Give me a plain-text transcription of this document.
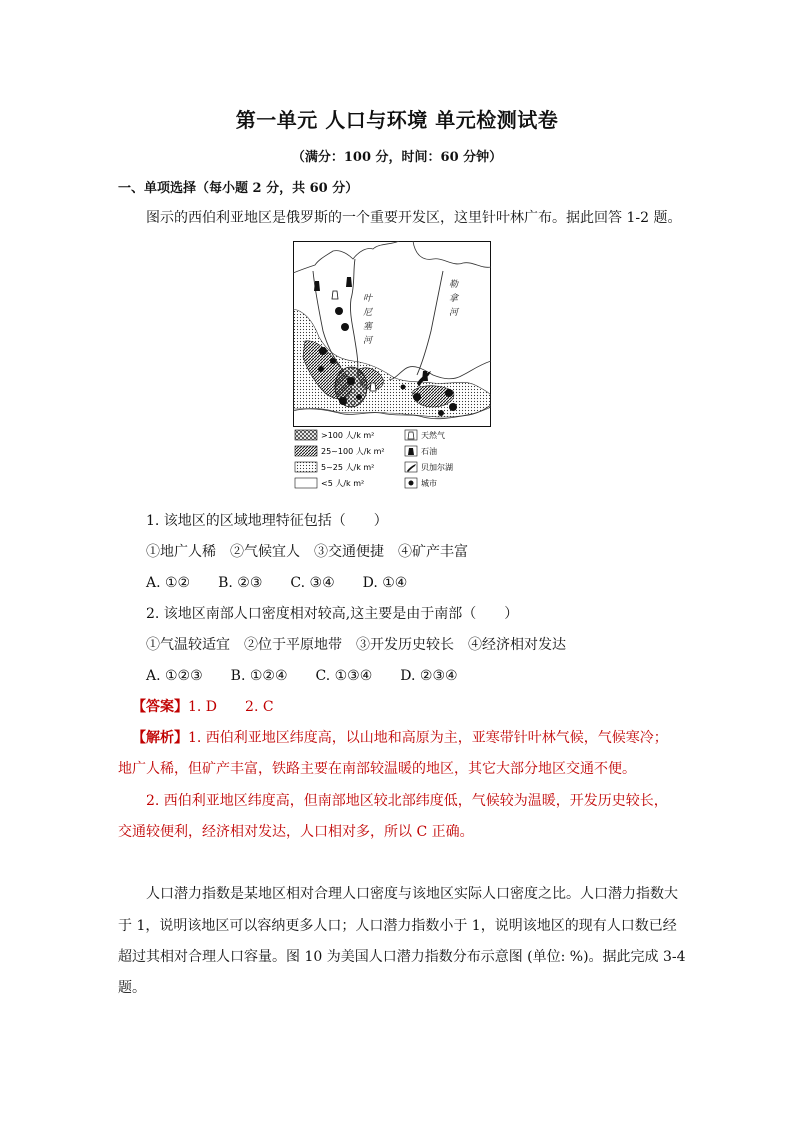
第一单元 人口与环境 单元检测试卷
（满分：100 分，时间：60 分钟）
一、单项选择（每小题 2 分，共 60 分）
图示的西伯利亚地区是俄罗斯的一个重要开发区，这里针叶林广布。据此回答 1-2 题。
叶
尼
塞
河
勒
拿
河
>100 人/k m²
25~100 人/k m²
5~25 人/k m²
<5 人/k m²
天然气
石油
贝加尔湖
城市
1. 该地区的区域地理特征包括（　　）
①地广人稀　②气候宜人　③交通便捷　④矿产丰富
A. ①②　　B. ②③　　C. ③④　　D. ①④
2. 该地区南部人口密度相对较高,这主要是由于南部（　　）
①气温较适宜　②位于平原地带　③开发历史较长　④经济相对发达
A. ①②③　　B. ①②④　　C. ①③④　　D. ②③④
【答案】1. D　　2. C
【解析】1. 西伯利亚地区纬度高，以山地和高原为主，亚寒带针叶林气候，气候寒冷；
地广人稀，但矿产丰富，铁路主要在南部较温暖的地区，其它大部分地区交通不便。
2. 西伯利亚地区纬度高，但南部地区较北部纬度低，气候较为温暖，开发历史较长，
交通较便利，经济相对发达，人口相对多，所以 C 正确。
人口潜力指数是某地区相对合理人口密度与该地区实际人口密度之比。人口潜力指数大
于 1，说明该地区可以容纳更多人口；人口潜力指数小于 1，说明该地区的现有人口数已经
超过其相对合理人口容量。图 10 为美国人口潜力指数分布示意图 (单位: %)。据此完成 3-4
题。
